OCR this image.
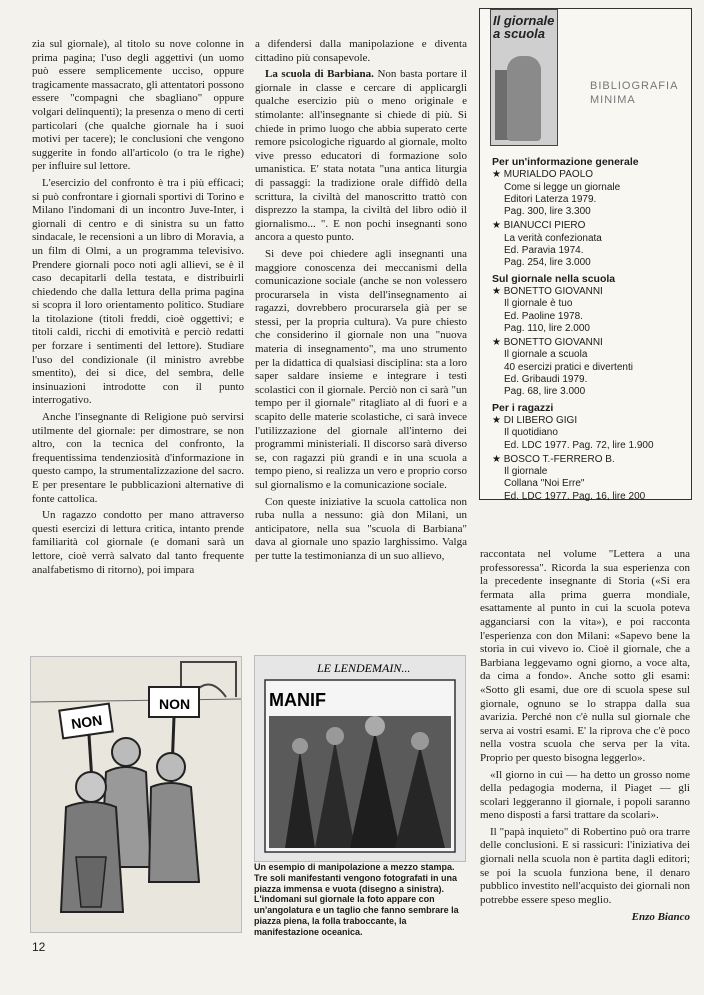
zia sul giornale), al titolo su nove colonne in prima pagina; l'uso degli aggettivi (un uomo può essere semplicemente ucciso, oppure tragicamente massacrato, gli attentatori possono essere "compagni che sbagliano" oppure volgari delinquenti); la presenza o meno di certi particolari (che qualche giornale ha i suoi motivi per tacere); le conclusioni che vengono suggerite in fondo all'articolo (o tra le righe) per influire sul lettore.

L'esercizio del confronto è tra i più efficaci; si può confrontare i giornali sportivi di Torino e Milano l'indomani di un incontro Juve-Inter, i giornali di centro e di sinistra su un fatto sindacale, le recensioni a un libro di Moravia, a un film di Olmi, a un programma televisivo. Prendere giornali poco noti agli allievi, se è il caso decapitarli della testata, e distribuirli chiedendo che dalla lettura della prima pagina si scopra il loro orientamento politico. Studiare la titolazione (titoli freddi, cioè oggettivi; e titoli caldi, ricchi di emotività e perciò redatti per forzare i sentimenti del lettore). Studiare l'uso del condizionale (il ministro avrebbe smentito), dei si dice, del sembra, delle insinuazioni introdotte con il punto interrogativo.

Anche l'insegnante di Religione può servirsi utilmente del giornale: per dimostrare, se non altro, con la tecnica del confronto, la frequentissima tendenziosità d'informazione in questo campo, la strumentalizzazione del sacro. E per presentare le pubblicazioni alternative di fonte cattolica.

Un ragazzo condotto per mano attraverso questi esercizi di lettura critica, intanto prende familiarità col giornale (e domani sarà un lettore, cioè verrà salvato dal tanto frequente analfabetismo di ritorno), poi impara

a difendersi dalla manipolazione e diventa cittadino più consapevole.

La scuola di Barbiana. Non basta portare il giornale in classe e cercare di applicargli qualche esercizio più o meno originale e stimolante: all'insegnante si chiede di più. Si chiede in primo luogo che abbia superato certe remore psicologiche riguardo al giornale, molto vive presso educatori di formazione solo umanistica. E' stata notata "una antica liturgia di passaggi: la tradizione orale diffidò della scrittura, la civiltà del manoscritto trattò con disprezzo la stampa, la civiltà del libro odiò il giornalismo... ". E non pochi insegnanti sono ancora a questo punto.

Si deve poi chiedere agli insegnanti una maggiore conoscenza dei meccanismi della comunicazione sociale (anche se non volessero procurarsela in vista dell'insegnamento ai ragazzi, dovrebbero procurarsela già per se stessi, per la propria cultura). Va pure chiesto che considerino il giornale non una "nuova materia di insegnamento", ma uno strumento per la didattica di qualsiasi disciplina: sta a loro saper saldare insieme e integrare i testi scolastici con il giornale. Perciò non ci sarà "un tempo per il giornale" ritagliato al di fuori e a scapito delle materie scolastiche, ci sarà invece l'utilizzazione del giornale all'interno dei programmi ministeriali. Il discorso sarà diverso se, con ragazzi più grandi e in una scuola a tempo pieno, si realizza un vero e proprio corso sul giornalismo e la comunicazione sociale.

Con queste iniziative la scuola cattolica non ruba nulla a nessuno: già don Milani, un anticipatore, nella sua "scuola di Barbiana" dava al giornale uno spazio larghissimo. Valga per tutte la testimonianza di un suo allievo,	raccontata nel volume "Lettera a una professoressa". Ricorda la sua esperienza con la precedente insegnante di Storia («Si era fermata alla prima guerra mondiale, esattamente al punto in cui la scuola poteva agganciarsi con la vita»), e poi racconta l'esperienza con don Milani: «Sapevo bene la storia in cui vivevo io. Cioè il giornale, che a Barbiana leggevamo ogni giorno, a voce alta, da cima a fondo». Anche sotto gli esami: «Sotto gli esami, due ore di scuola spese sul giornale, ognuno se lo strappa dalla sua avarizia. Perché non c'è nulla sul giornale che serva ai vostri esami. E' la riprova che c'è poco nella vostra scuola che serva per la vita. Proprio per questo bisogna leggerlo».

«Il giorno in cui — ha detto un grosso nome della pedagogia moderna, il Piaget — gli scolari leggeranno il giornale, i popoli saranno meno disposti a farsi trattare da scolari».

Il "papà inquieto" di Robertino può ora trarre delle conclusioni. E si rassicuri: l'iniziativa dei giornali nella scuola non è partita dagli editori; se poi la scuola funziona bene, il denaro pubblico investito nell'acquisto dei giornali non potrebbe essere speso meglio.

Enzo Bianco
Il giornale a scuola
BIBLIOGRAFIA
MINIMA
Per un'informazione generale
★ MURIALDO PAOLO
Come si legge un giornale
Editori Laterza 1979.
Pag. 300, lire 3.300
★ BIANUCCI PIERO
La verità confezionata
Ed. Paravia 1974.
Pag. 254, lire 3.000
Sul giornale nella scuola
★ BONETTO GIOVANNI
Il giornale è tuo
Ed. Paoline 1978.
Pag. 110, lire 2.000
★ BONETTO GIOVANNI
Il giornale a scuola
40 esercizi pratici e divertenti
Ed. Gribaudi 1979.
Pag. 68, lire 3.000
Per i ragazzi
★ DI LIBERO GIGI
Il quotidiano
Ed. LDC 1977. Pag. 72, lire 1.900
★ BOSCO T.-FERRERO B.
Il giornale
Collana "Noi Erre"
Ed. LDC 1977. Pag. 16, lire 200
NON
NON
LE LENDEMAIN...
MANIF
Un esempio di manipolazione a mezzo stampa. Tre soli manifestanti vengono fotografati in una piazza immensa e vuota (disegno a sinistra). L'indomani sul giornale la foto appare con un'angolatura e un taglio che fanno sembrare la piazza piena, la folla traboccante, la manifestazione oceanica.
12
